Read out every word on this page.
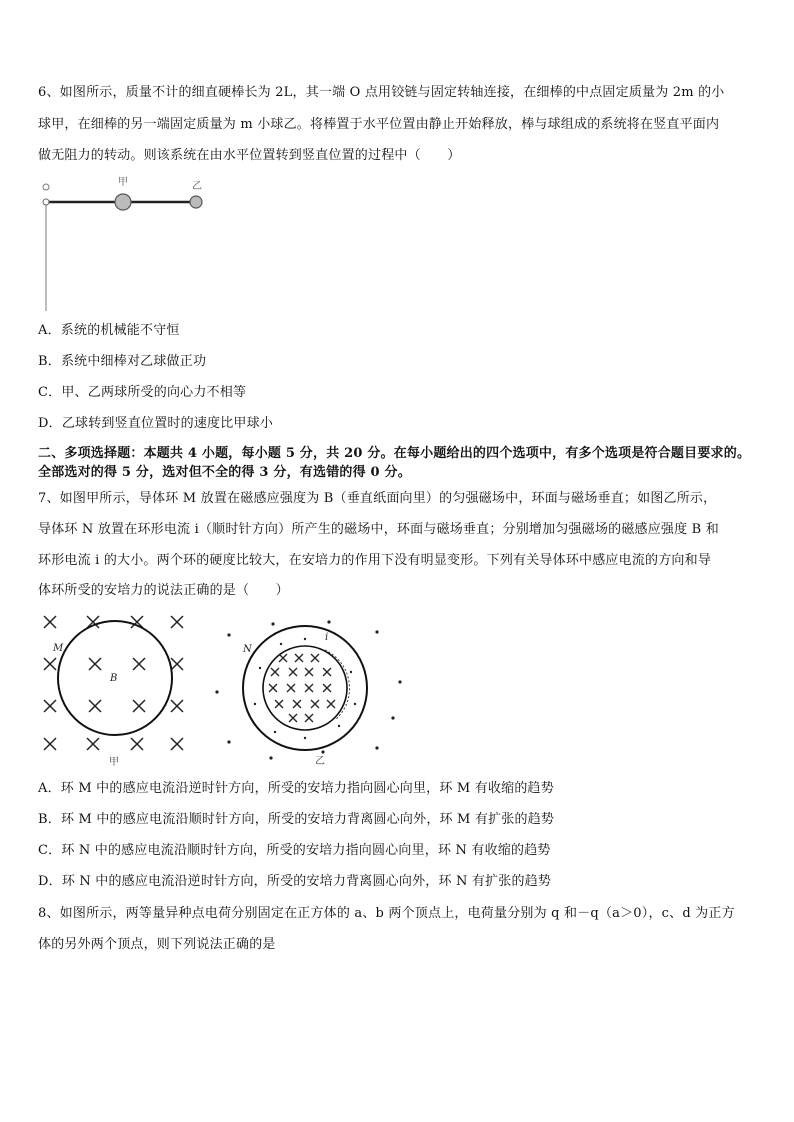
6、如图所示，质量不计的细直硬棒长为 2L，其一端 O 点用铰链与固定转轴连接，在细棒的中点固定质量为 2m 的小
球甲，在细棒的另一端固定质量为 m 小球乙。将棒置于水平位置由静止开始释放，棒与球组成的系统将在竖直平面内
做无阻力的转动。则该系统在由水平位置转到竖直位置的过程中（　　）
甲	乙
A．系统的机械能不守恒
B．系统中细棒对乙球做正功
C．甲、乙两球所受的向心力不相等
D．乙球转到竖直位置时的速度比甲球小
二、多项选择题：本题共 4 小题，每小题 5 分，共 20 分。在每小题给出的四个选项中，有多个选项是符合题目要求的。
全部选对的得 5 分，选对但不全的得 3 分，有选错的得 0 分。
7、如图甲所示，导体环 M 放置在磁感应强度为 B（垂直纸面向里）的匀强磁场中，环面与磁场垂直；如图乙所示，
导体环 N 放置在环形电流 i（顺时针方向）所产生的磁场中，环面与磁场垂直；分别增加匀强磁场的磁感应强度 B 和
环形电流 i 的大小。两个环的硬度比较大，在安培力的作用下没有明显变形。下列有关导体环中感应电流的方向和导
体环所受的安培力的说法正确的是（　　）
M
B
甲
N
i
乙
A．环 M 中的感应电流沿逆时针方向，所受的安培力指向圆心向里，环 M 有收缩的趋势
B．环 M 中的感应电流沿顺时针方向，所受的安培力背离圆心向外，环 M 有扩张的趋势
C．环 N 中的感应电流沿顺时针方向，所受的安培力指向圆心向里，环 N 有收缩的趋势
D．环 N 中的感应电流沿逆时针方向，所受的安培力背离圆心向外，环 N 有扩张的趋势
8、如图所示，两等量异种点电荷分别固定在正方体的 a、b 两个顶点上，电荷量分别为 q 和－q（a＞0），c、d 为正方
体的另外两个顶点，则下列说法正确的是
